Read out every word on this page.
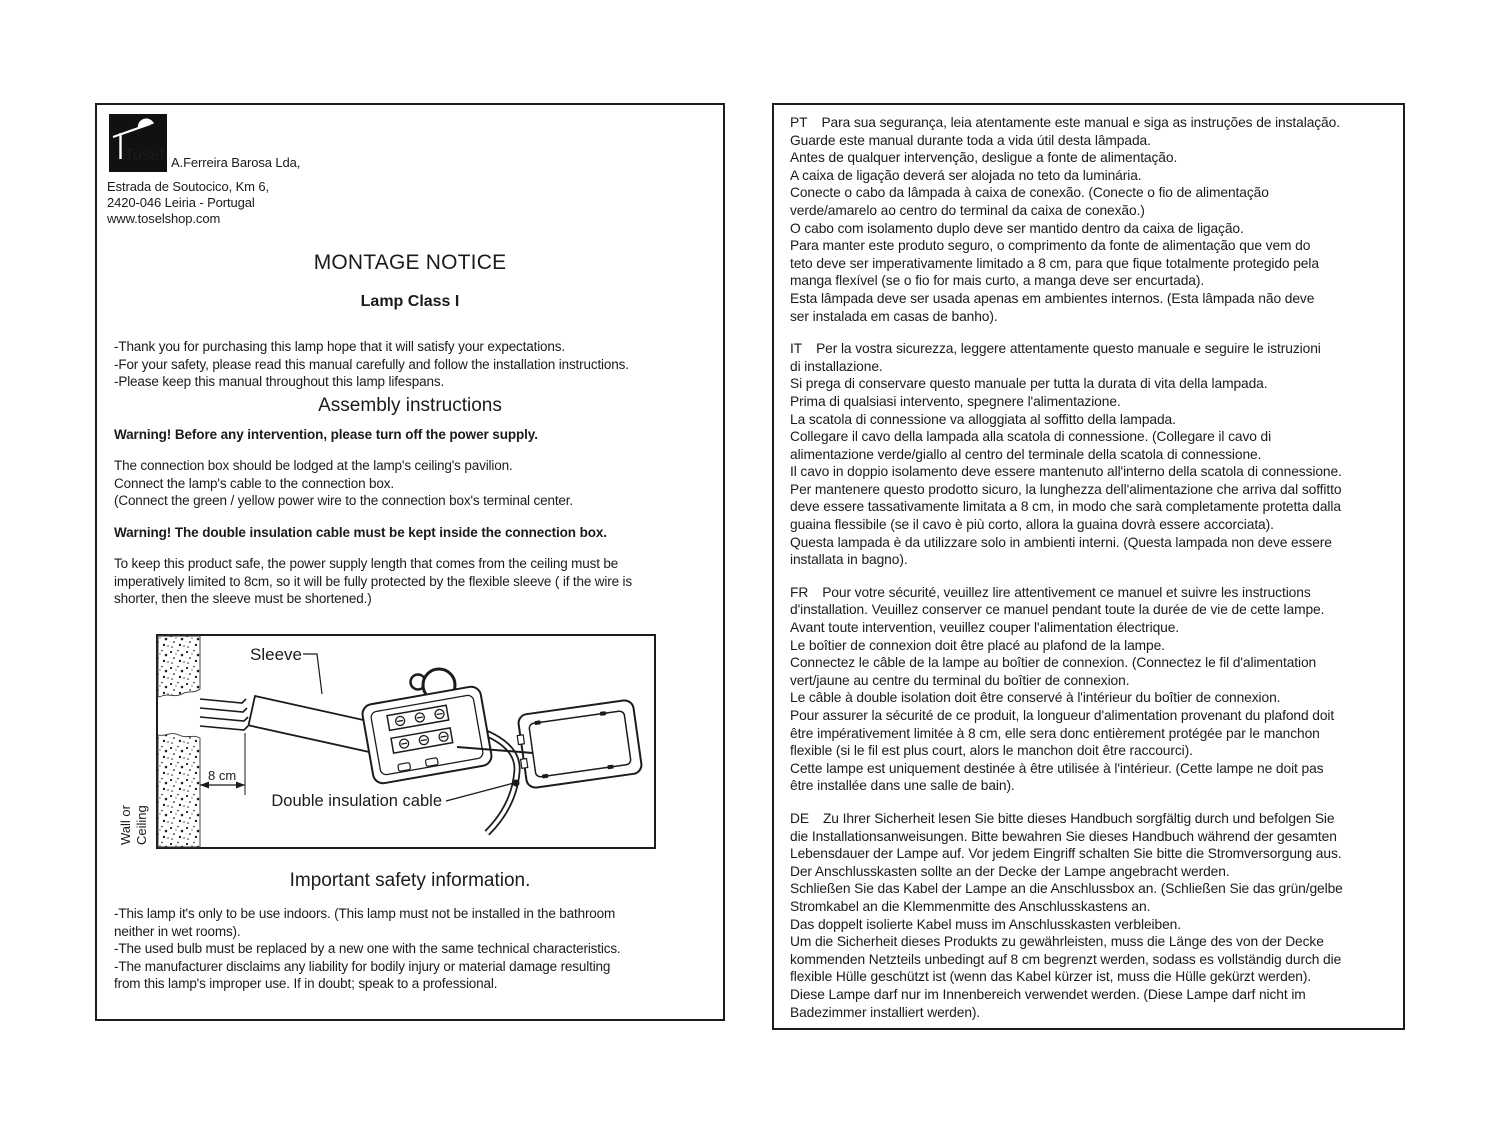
Tosel A.Ferreira Barosa Lda,
Estrada de Soutocico, Km 6,
2420-046 Leiria - Portugal
www.toselshop.com
MONTAGE NOTICE
Lamp Class I
-Thank you for purchasing this lamp hope that it will satisfy your expectations.
-For your safety, please read this manual carefully and follow the installation instructions.
-Please keep this manual throughout this lamp lifespans.
Assembly instructions
Warning! Before any intervention, please turn off the power supply.
The connection box should be lodged at the lamp's ceiling's pavilion.
Connect the lamp's cable to the connection box.
(Connect the green / yellow power wire to the connection box's terminal center.
Warning! The double insulation cable must be kept inside the connection box.
To keep this product safe, the power supply length that comes from the ceiling must be
imperatively limited to 8cm, so it will be fully protected by the flexible sleeve ( if the wire is
shorter, then the sleeve must be shortened.)
8 cm
Sleeve
Double insulation cable
Wall or Ceiling
Important safety information.
-This lamp it's only to be use indoors. (This lamp must not be installed in the bathroom
neither in wet rooms).
-The used bulb must be replaced by a new one with the same technical characteristics.
-The manufacturer disclaims any liability for bodily injury or material damage resulting
from this lamp's improper use. If in doubt; speak to a professional.
PT Para sua segurança, leia atentamente este manual e siga as instruções de instalação.
Guarde este manual durante toda a vida útil desta lâmpada.
Antes de qualquer intervenção, desligue a fonte de alimentação.
A caixa de ligação deverá ser alojada no teto da luminária.
Conecte o cabo da lâmpada à caixa de conexão. (Conecte o fio de alimentação
verde/amarelo ao centro do terminal da caixa de conexão.)
O cabo com isolamento duplo deve ser mantido dentro da caixa de ligação.
Para manter este produto seguro, o comprimento da fonte de alimentação que vem do
teto deve ser imperativamente limitado a 8 cm, para que fique totalmente protegido pela
manga flexível (se o fio for mais curto, a manga deve ser encurtada).
Esta lâmpada deve ser usada apenas em ambientes internos. (Esta lâmpada não deve
ser instalada em casas de banho).
IT Per la vostra sicurezza, leggere attentamente questo manuale e seguire le istruzioni
di installazione.
Si prega di conservare questo manuale per tutta la durata di vita della lampada.
Prima di qualsiasi intervento, spegnere l'alimentazione.
La scatola di connessione va alloggiata al soffitto della lampada.
Collegare il cavo della lampada alla scatola di connessione. (Collegare il cavo di
alimentazione verde/giallo al centro del terminale della scatola di connessione.
Il cavo in doppio isolamento deve essere mantenuto all'interno della scatola di connessione.
Per mantenere questo prodotto sicuro, la lunghezza dell'alimentazione che arriva dal soffitto
deve essere tassativamente limitata a 8 cm, in modo che sarà completamente protetta dalla
guaina flessibile (se il cavo è più corto, allora la guaina dovrà essere accorciata).
Questa lampada è da utilizzare solo in ambienti interni. (Questa lampada non deve essere
installata in bagno).
FR Pour votre sécurité, veuillez lire attentivement ce manuel et suivre les instructions
d'installation. Veuillez conserver ce manuel pendant toute la durée de vie de cette lampe.
Avant toute intervention, veuillez couper l'alimentation électrique.
Le boîtier de connexion doit être placé au plafond de la lampe.
Connectez le câble de la lampe au boîtier de connexion. (Connectez le fil d'alimentation
vert/jaune au centre du terminal du boîtier de connexion.
Le câble à double isolation doit être conservé à l'intérieur du boîtier de connexion.
Pour assurer la sécurité de ce produit, la longueur d'alimentation provenant du plafond doit
être impérativement limitée à 8 cm, elle sera donc entièrement protégée par le manchon
flexible (si le fil est plus court, alors le manchon doit être raccourci).
Cette lampe est uniquement destinée à être utilisée à l'intérieur. (Cette lampe ne doit pas
être installée dans une salle de bain).
DE Zu Ihrer Sicherheit lesen Sie bitte dieses Handbuch sorgfältig durch und befolgen Sie
die Installationsanweisungen. Bitte bewahren Sie dieses Handbuch während der gesamten
Lebensdauer der Lampe auf. Vor jedem Eingriff schalten Sie bitte die Stromversorgung aus.
Der Anschlusskasten sollte an der Decke der Lampe angebracht werden.
Schließen Sie das Kabel der Lampe an die Anschlussbox an. (Schließen Sie das grün/gelbe
Stromkabel an die Klemmenmitte des Anschlusskastens an.
Das doppelt isolierte Kabel muss im Anschlusskasten verbleiben.
Um die Sicherheit dieses Produkts zu gewährleisten, muss die Länge des von der Decke
kommenden Netzteils unbedingt auf 8 cm begrenzt werden, sodass es vollständig durch die
flexible Hülle geschützt ist (wenn das Kabel kürzer ist, muss die Hülle gekürzt werden).
Diese Lampe darf nur im Innenbereich verwendet werden. (Diese Lampe darf nicht im
Badezimmer installiert werden).
